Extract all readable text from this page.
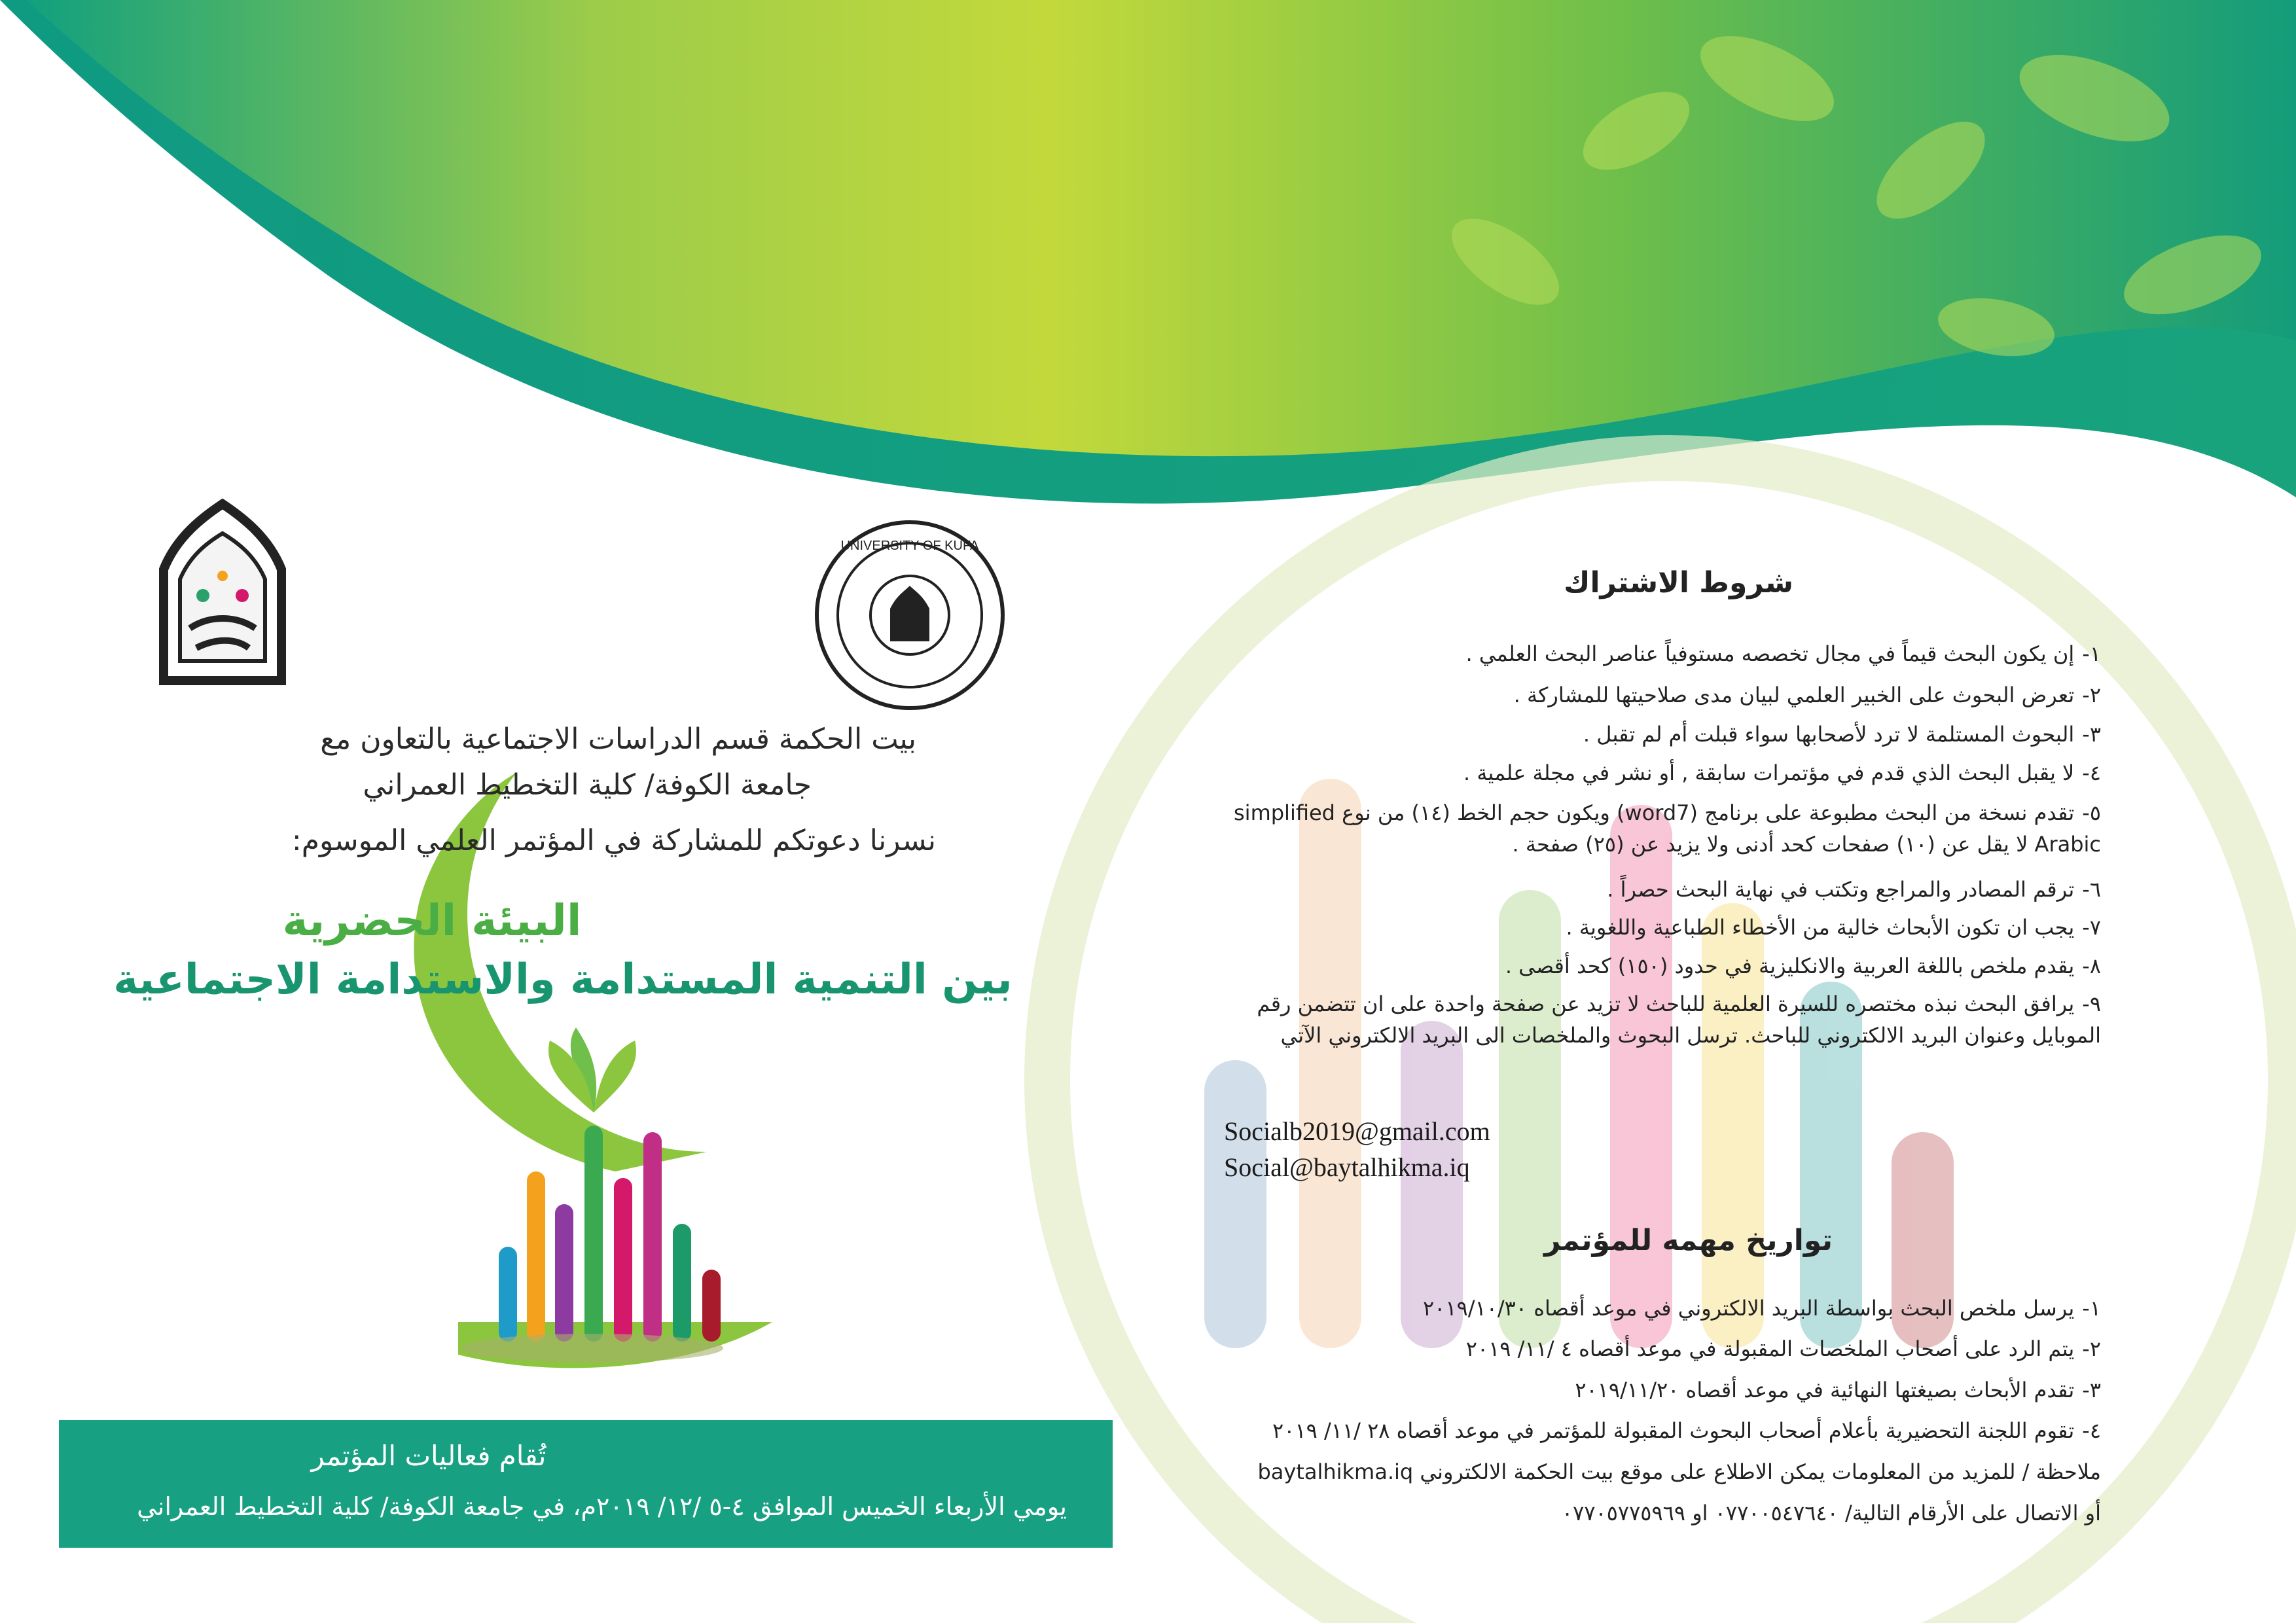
UNIVERSITY OF KUFA
بيت الحكمة قسم الدراسات الاجتماعية بالتعاون مع
جامعة الكوفة/ كلية التخطيط العمراني
نسرنا دعوتكم للمشاركة في المؤتمر العلمي الموسوم:
البيئة الحضرية
بين التنمية المستدامة والاستدامة الاجتماعية
تُقام فعاليات المؤتمر
يومي الأربعاء الخميس الموافق ٤-٥ /١٢/ ٢٠١٩م، في جامعة الكوفة/ كلية التخطيط العمراني
شروط الاشتراك
١-
إن يكون البحث قيماً في مجال تخصصه مستوفياً عناصر البحث العلمي .
٢-
تعرض البحوث على الخبير العلمي لبيان مدى صلاحيتها للمشاركة .
٣-
البحوث المستلمة لا ترد لأصحابها سواء قبلت أم لم تقبل .
٤-
لا يقبل البحث الذي قدم في مؤتمرات سابقة , أو نشر في مجلة علمية .
٥-
تقدم نسخة من البحث مطبوعة على برنامج (word7) ويكون حجم الخط (١٤) من نوع simplified Arabic لا يقل عن (١٠) صفحات كحد أدنى ولا يزيد عن (٢٥) صفحة .
٦-
ترقم المصادر والمراجع وتكتب في نهاية البحث حصراً .
٧-
يجب ان تكون الأبحاث خالية من الأخطاء الطباعية واللغوية .
٨-
يقدم ملخص باللغة العربية والانكليزية في حدود (١٥٠) كحد أقصى .
٩-
يرافق البحث نبذه مختصره للسيرة العلمية للباحث لا تزيد عن صفحة واحدة على ان تتضمن رقم الموبايل وعنوان البريد الالكتروني للباحث. ترسل البحوث والملخصات الى البريد الالكتروني الآتي
Socialb2019@gmail.com
Social@baytalhikma.iq
تواريخ مهمه للمؤتمر
١-
يرسل ملخص البحث بواسطة البريد الالكتروني في موعد أقصاه ٢٠١٩/١٠/٣٠
٢-
يتم الرد على أصحاب الملخصات المقبولة في موعد أقصاه ٤ /١١/ ٢٠١٩
٣-
تقدم الأبحاث بصيغتها النهائية في موعد أقصاه ٢٠١٩/١١/٢٠
٤-
تقوم اللجنة التحضيرية بأعلام أصحاب البحوث المقبولة للمؤتمر في موعد أقصاه ٢٨ /١١/ ٢٠١٩
ملاحظة / للمزيد من المعلومات يمكن الاطلاع على موقع بيت الحكمة الالكتروني baytalhikma.iq
أو الاتصال على الأرقام التالية/ ٠٧٧٠٠٥٤٧٦٤٠ او ٠٧٧٠٥٧٧٥٩٦٩
